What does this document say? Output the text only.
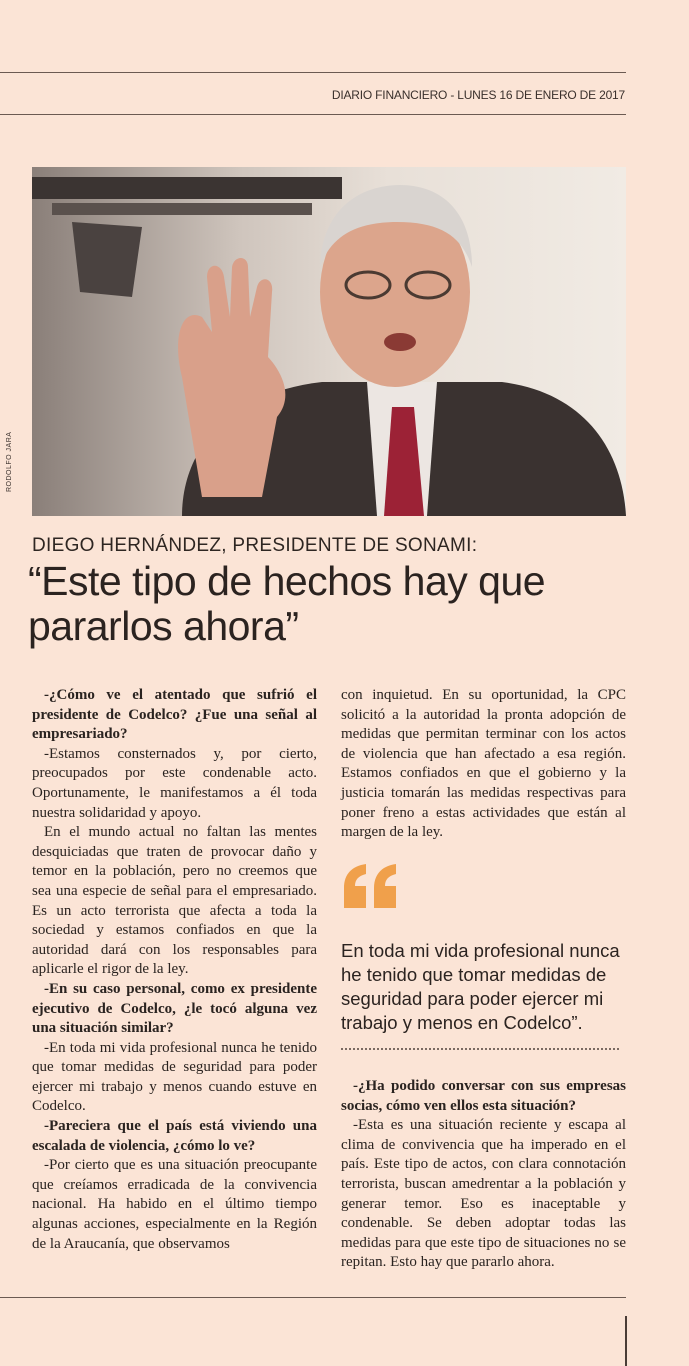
DIARIO FINANCIERO - LUNES 16 DE ENERO DE 2017
RODOLFO JARA
DIEGO HERNÁNDEZ, PRESIDENTE DE SONAMI:
“Este tipo de hechos hay que pararlos ahora”

-¿Cómo ve el atentado que sufrió el presidente de Codelco? ¿Fue una señal al empresariado?

-Estamos consternados y, por cierto, preocupados por este condenable acto. Oportunamente, le manifestamos a él toda nuestra solidaridad y apoyo.

En el mundo actual no faltan las mentes desquiciadas que traten de provocar daño y temor en la población, pero no creemos que sea una especie de señal para el empresariado. Es un acto terrorista que afecta a toda la sociedad y estamos confiados en que la autoridad dará con los responsables para aplicarle el rigor de la ley.

-En su caso personal, como ex presidente ejecutivo de Codelco, ¿le tocó alguna vez una situación similar?

-En toda mi vida profesional nunca he tenido que tomar medidas de seguridad para poder ejercer mi trabajo y menos cuando estuve en Codelco.

-Pareciera que el país está viviendo una escalada de violencia, ¿cómo lo ve?

-Por cierto que es una situación preocupante que creíamos erradicada de la convivencia nacional. Ha habido en el último tiempo algunas acciones, especialmente en la Región de la Araucanía, que observamos

con inquietud. En su oportunidad, la CPC solicitó a la autoridad la pronta adopción de medidas que permitan terminar con los actos de violencia que han afectado a esa región. Estamos confiados en que el gobierno y la justicia tomarán las medidas respectivas para poner freno a estas actividades que están al margen de la ley.

En toda mi vida profesional nunca he tenido que tomar medidas de seguridad para poder ejercer mi trabajo y menos en Codelco”.

-¿Ha podido conversar con sus empresas socias, cómo ven ellos esta situación?

-Esta es una situación reciente y escapa al clima de convivencia que ha imperado en el país. Este tipo de actos, con clara connotación terrorista, buscan amedrentar a la población y generar temor. Eso es inaceptable y condenable. Se deben adoptar todas las medidas para que este tipo de situaciones no se repitan. Esto hay que pararlo ahora.
